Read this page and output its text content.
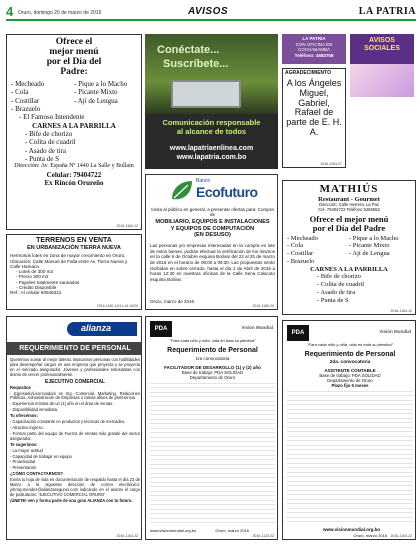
4 Oruro, domingo 20 de marzo de 2016	AVISOS	LA PATRIA
Ofrece el
mejor menú
por el Día del
Padre:
- Mecheado
- Cola
- Costillar
- Brazuelo
- Pique a lo Macho
- Picante Mixto
- Ají de Lengua
- El Famoso Intendente
CARNES A LA PARRILLA
- Bife de chorizo
- Colita de cuadril
- Asado de tira
- Punta de S
Dirección: Av. España Nº 1440 La Salle y Bullain
Celular: 79404722
Ex Rincón Orureño
2016-1164-12
Conéctate...
Suscríbete...
Comunicación responsable
al alcance de todos
www.lapatriaenlinea.com
www.lapatria.com.bo
LA PATRIA
CON OFICINA EN
COCHABAMBA
Teléfono: 4583758
AVISOS
SOCIALES
AGRADECIMIENTO
A los Ángeles Miguel, Gabriel, Rafael de parte de E. H. A.
2016-1163-07
MATHIÚS
Restaurant - Gourmet
Dirección: Calle Herrera, La Paz
Cel. 79404722 Teléfono 5265552
Ofrece el mejor menú
por el Día del Padre
- Mecheado
- Cola
- Costillar
- Brazuelo
- Pique a lo Macho
- Picante Mixto
- Ají de Lengua
CARNES A LA PARRILLA
- Bife de chorizo
- Colita de cuadril
- Asado de tira
- Punta de S
2016-1164-12
TERRENOS EN VENTA
EN URBANIZACIÓN TIERRA NUEVA
Hermosos lotes en zona de mayor crecimiento en Oruro.
Ubicación: Calle Manuel de Falla entre Av. Tierra Nueva y Calle Hamaca
- Lotes de 300 m2
- Precio 300 m2
- Papeles totalmente saneados
- Crédito Disponible
Ref.: Al celular 60546321
2016-1160-19/11-16-19/20
Banco
Ecofuturo
Invita al público en general, a presentar ofertas para: Compra de
MOBILIARIO, EQUIPOS E INSTALACIONES
Y EQUIPOS DE COMPUTACIÓN
(EN DESUSO)
Las personas y/o empresas interesadas en la compra en lote de estos bienes, podrán efectuar la verificación de los mismos en la calle 6 de Octubre esquina Bolívar del 22 al 25 de marzo de 2016 en el horario de 09:00 a 09:30. Las propuestas serán recibidas en sobre cerrado, hasta el día 2 de Abril de 2016 a horas 12:30 en nuestras oficinas de la Calle Sena Calacoto esquina Bolívar.
Oruro, marzo de 2016
2016-1186-20
alianza
REQUERIMIENTO DE PERSONAL

Queremos sumar al mejor talento. Buscamos personas con habilidades para desempeñar cargos en una empresa que proyecta y se proyecta en el mercado asegurador. Jóvenes y profesionales entusiastas con ánimo de crecer profesionalmente.

EJECUTIVO COMERCIAL

Requisitos

- Egresado/Licenciado/a en Ing. Comercial, Marketing, Relaciones Públicas, Administración de Empresas o ramas afines de preferencia

- Experiencia mínima de un (1) año en el área de ventas.

- Disponibilidad inmediata.

Tu ofrecemos:

- Capacitación constante en productos y técnicas de mercadeo.

- Atractivo ingreso.

- Formar parte del equipo de Fuerza de Ventas más grande del sector asegurador.

Te sugerimos:

- La mayor actitud

- Capacidad de trabajar en equipo

- Proactividad

- Presentación

¿CÓMO CONTACTARNOS?

Envía tu hoja de vida en documentación de respaldo hasta el día 23 de Marzo a la siguiente dirección de correo electrónico: johnny.mendez@alianzaseguros.com indicando en el asunto el cargo de postulación: 'EJECUTIVO COMERCIAL ORURO'

¡ÚNETE! ven y forma parte de una gran ALIANZA con tu futuro.

2016-1163-22
PDA	Visión Mundial
"Para cada niño y niña, vida en toda su plenitud"
Requerimiento de Personal
1ra convocatoria
FACILITADOR DE DESARROLLO (1) y (2) año
Base de trabajo: PDA SOLIDAD
Departamento de Oruro
www.visionmundial.org.bo	Oruro, marzo 2016
2016-1123-22
PDA	Visión Mundial
"Para cada niño y niña, vida en toda su plenitud"
Requerimiento de Personal
2da. convocatoria
ASISTENTE CONTABLE
Base de trabajo: PDA SOLIDAD
Departamento de Oruro
Plazo fijo 6 meses
www.visionmundial.org.bo
Oruro, marzo 2016 2016-1163-22
